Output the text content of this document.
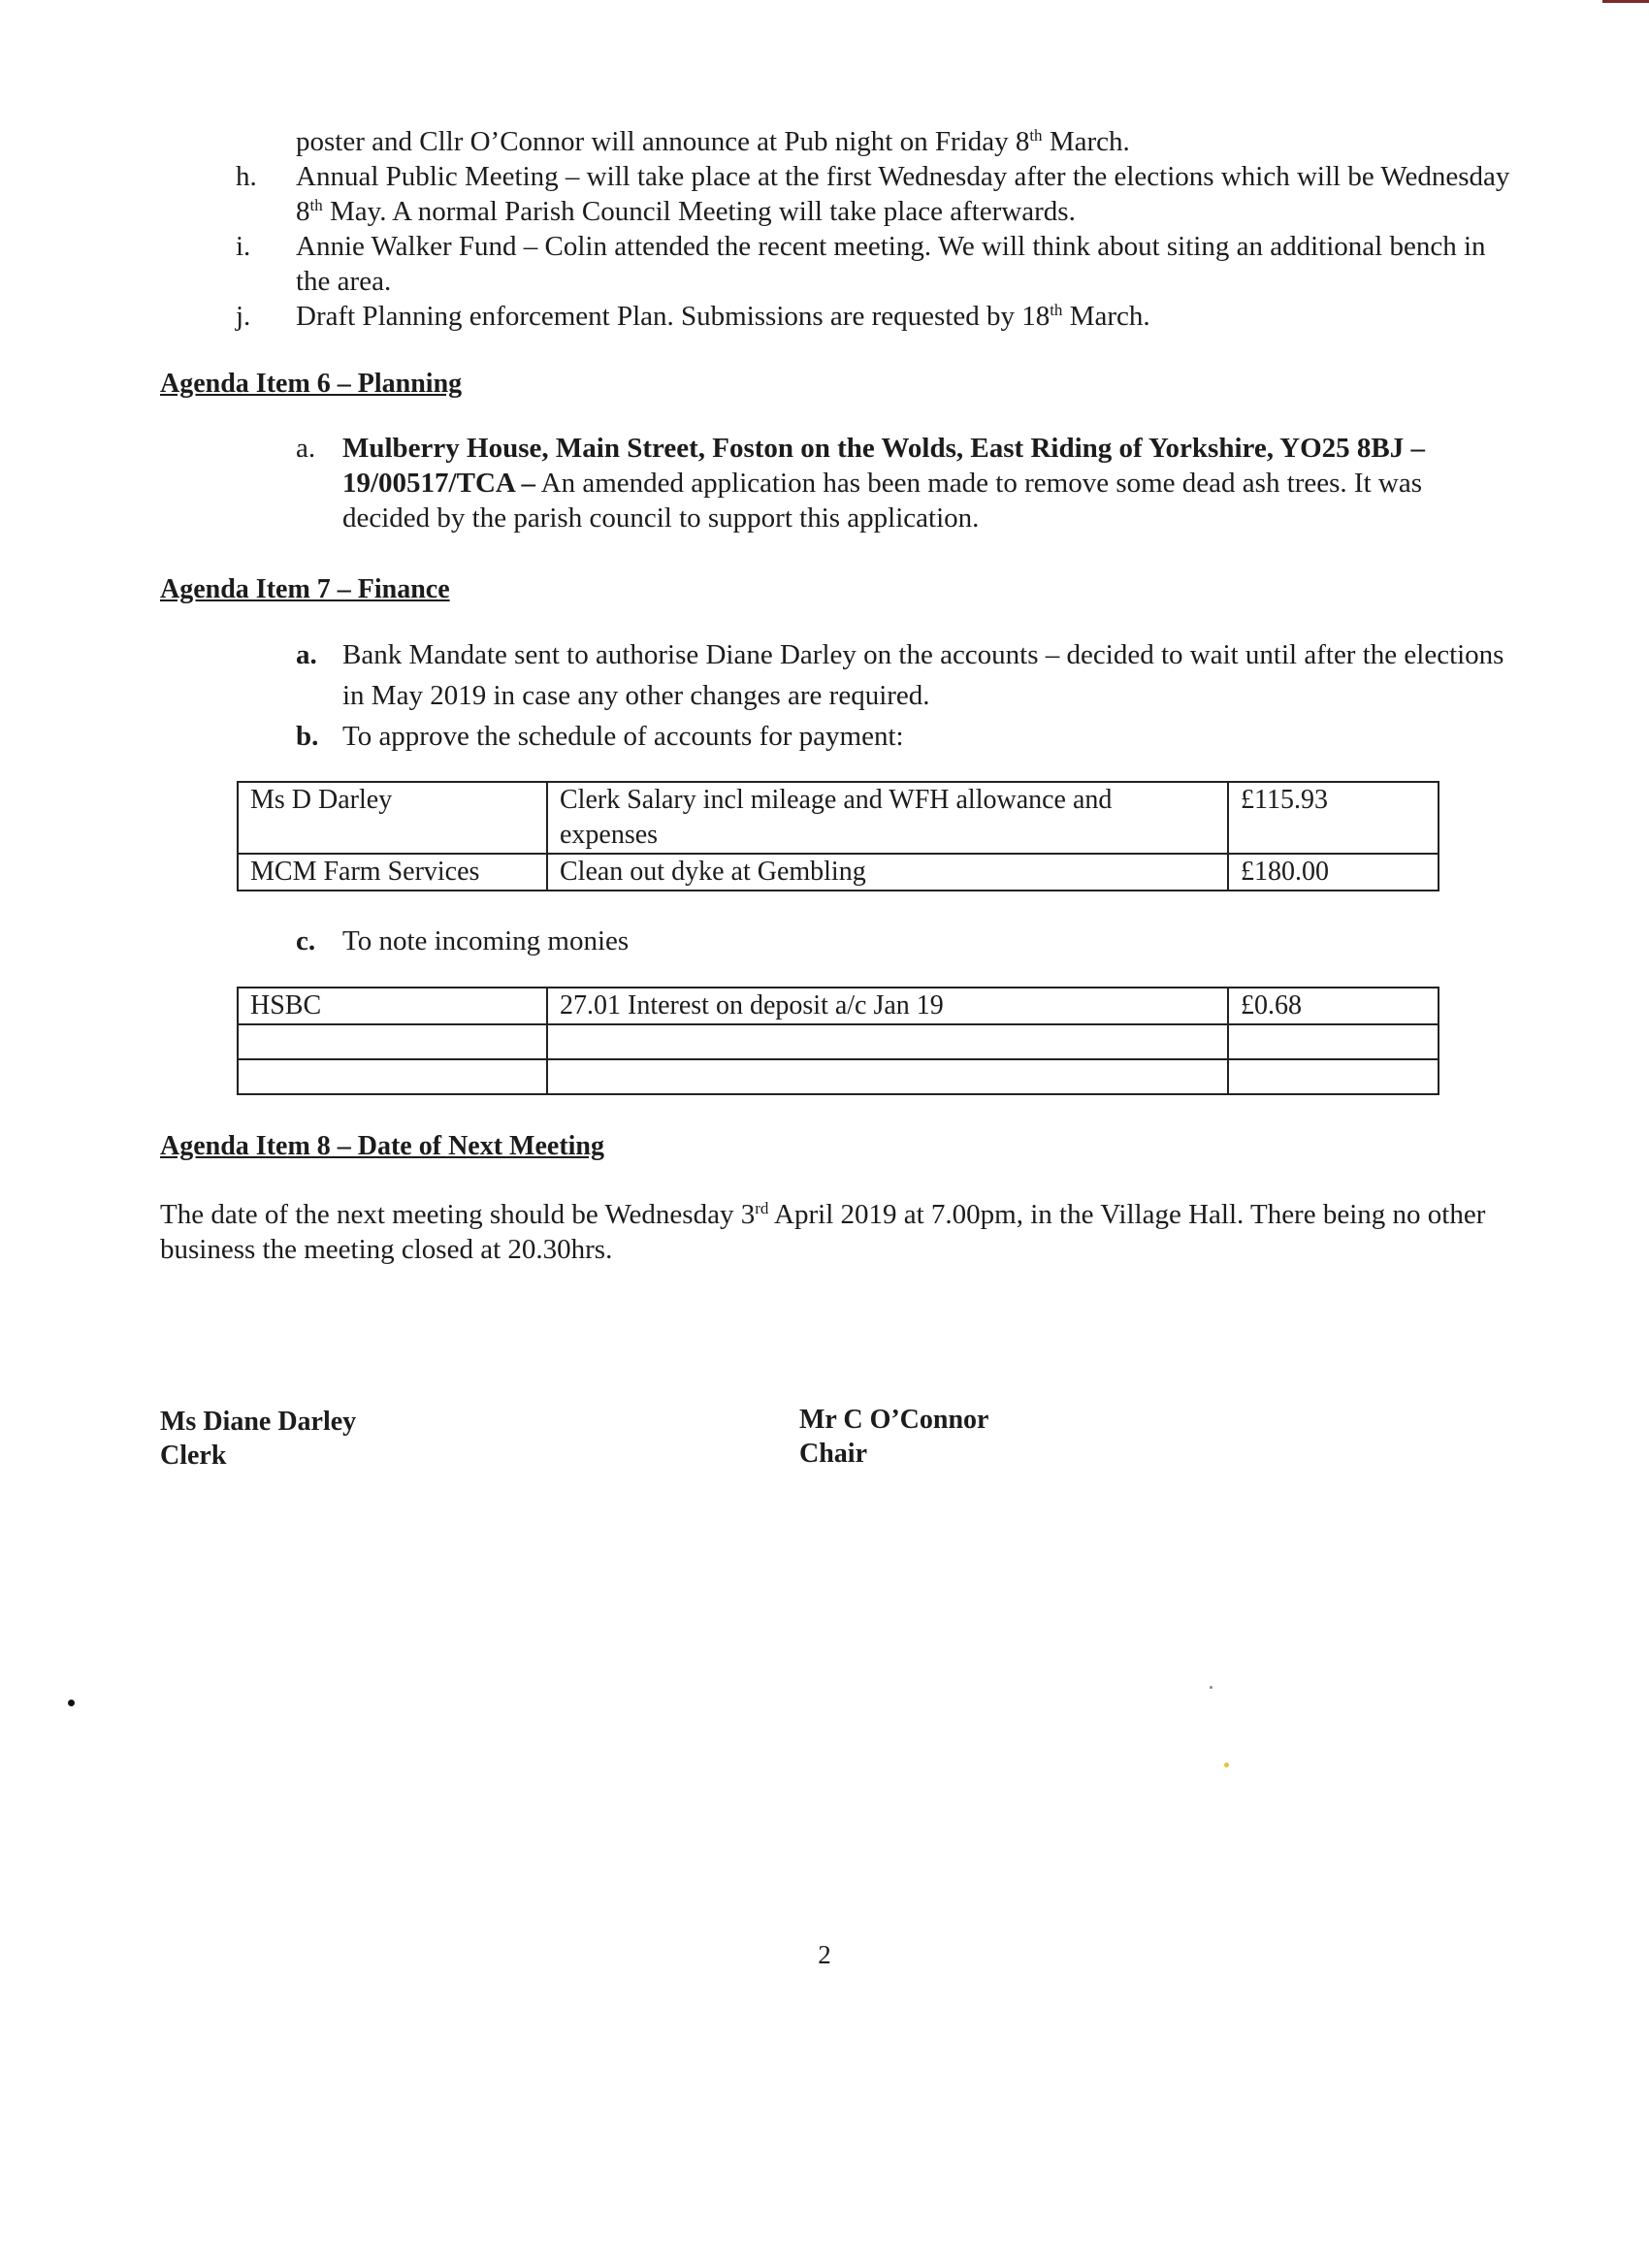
poster and Cllr O’Connor will announce at Pub night on Friday 8th March.
h.	Annual Public Meeting – will take place at the first Wednesday after the elections which will be Wednesday 8th May. A normal Parish Council Meeting will take place afterwards.
i.	Annie Walker Fund – Colin attended the recent meeting. We will think about siting an additional bench in the area.
j.	Draft Planning enforcement Plan. Submissions are requested by 18th March.
Agenda Item 6 – Planning
a. Mulberry House, Main Street, Foston on the Wolds, East Riding of Yorkshire, YO25 8BJ – 19/00517/TCA – An amended application has been made to remove some dead ash trees. It was decided by the parish council to support this application.
Agenda Item 7 – Finance
a. Bank Mandate sent to authorise Diane Darley on the accounts – decided to wait until after the elections in May 2019 in case any other changes are required.
b. To approve the schedule of accounts for payment:
Ms D Darley	Clerk Salary incl mileage and WFH allowance and expenses	£115.93
MCM Farm Services	Clean out dyke at Gembling	£180.00
c. To note incoming monies
HSBC	27.01 Interest on deposit a/c Jan 19	£0.68

Agenda Item 8 – Date of Next Meeting
The date of the next meeting should be Wednesday 3rd April 2019 at 7.00pm, in the Village Hall. There being no other business the meeting closed at 20.30hrs.
Ms Diane Darley
Clerk
Mr C O’Connor
Chair
2
